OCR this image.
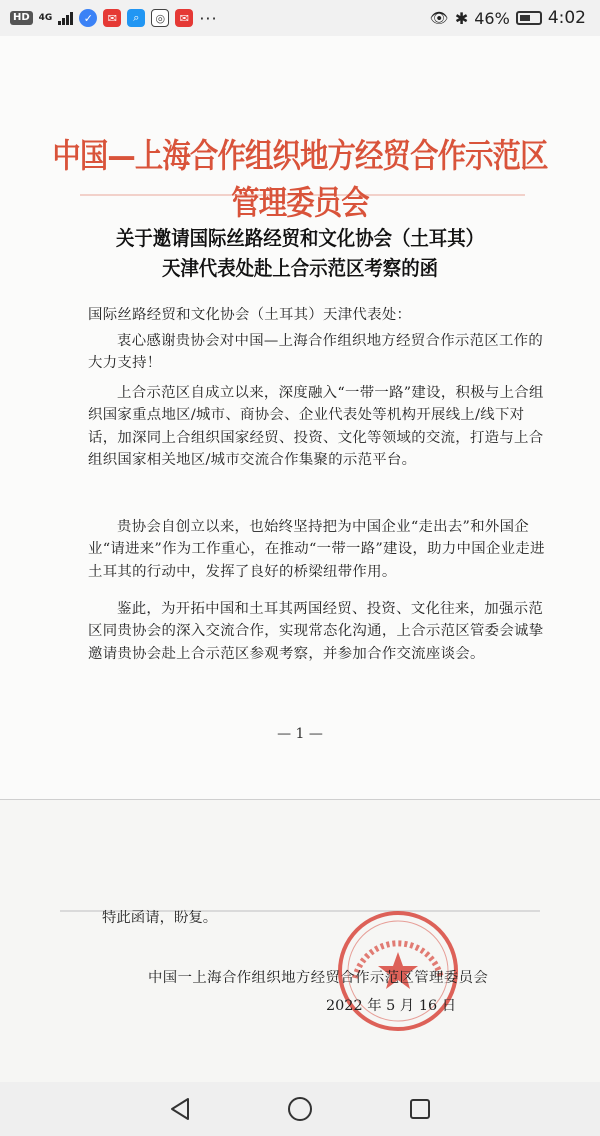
HD	4G	✓	✉	⌕	◎	✉ ···	👁 ✱ 46% 4:02
中国—上海合作组织地方经贸合作示范区管理委员会
关于邀请国际丝路经贸和文化协会（土耳其）
天津代表处赴上合示范区考察的函
国际丝路经贸和文化协会（土耳其）天津代表处：
衷心感谢贵协会对中国—上海合作组织地方经贸合作示范区工作的大力支持！
上合示范区自成立以来，深度融入“一带一路”建设，积极与上合组织国家重点地区/城市、商协会、企业代表处等机构开展线上/线下对话，加深同上合组织国家经贸、投资、文化等领域的交流，打造与上合组织国家相关地区/城市交流合作集聚的示范平台。
贵协会自创立以来，也始终坚持把为中国企业“走出去”和外国企业“请进来”作为工作重心，在推动“一带一路”建设，助力中国企业走进土耳其的行动中，发挥了良好的桥梁纽带作用。
鉴此，为开拓中国和土耳其两国经贸、投资、文化往来，加强示范区同贵协会的深入交流合作，实现常态化沟通，上合示范区管委会诚挚邀请贵协会赴上合示范区参观考察，并参加合作交流座谈会。
— 1 —
特此函请，盼复。
中国一上海合作组织地方经贸合作示范区管理委员会
2022 年 5 月 16 日
